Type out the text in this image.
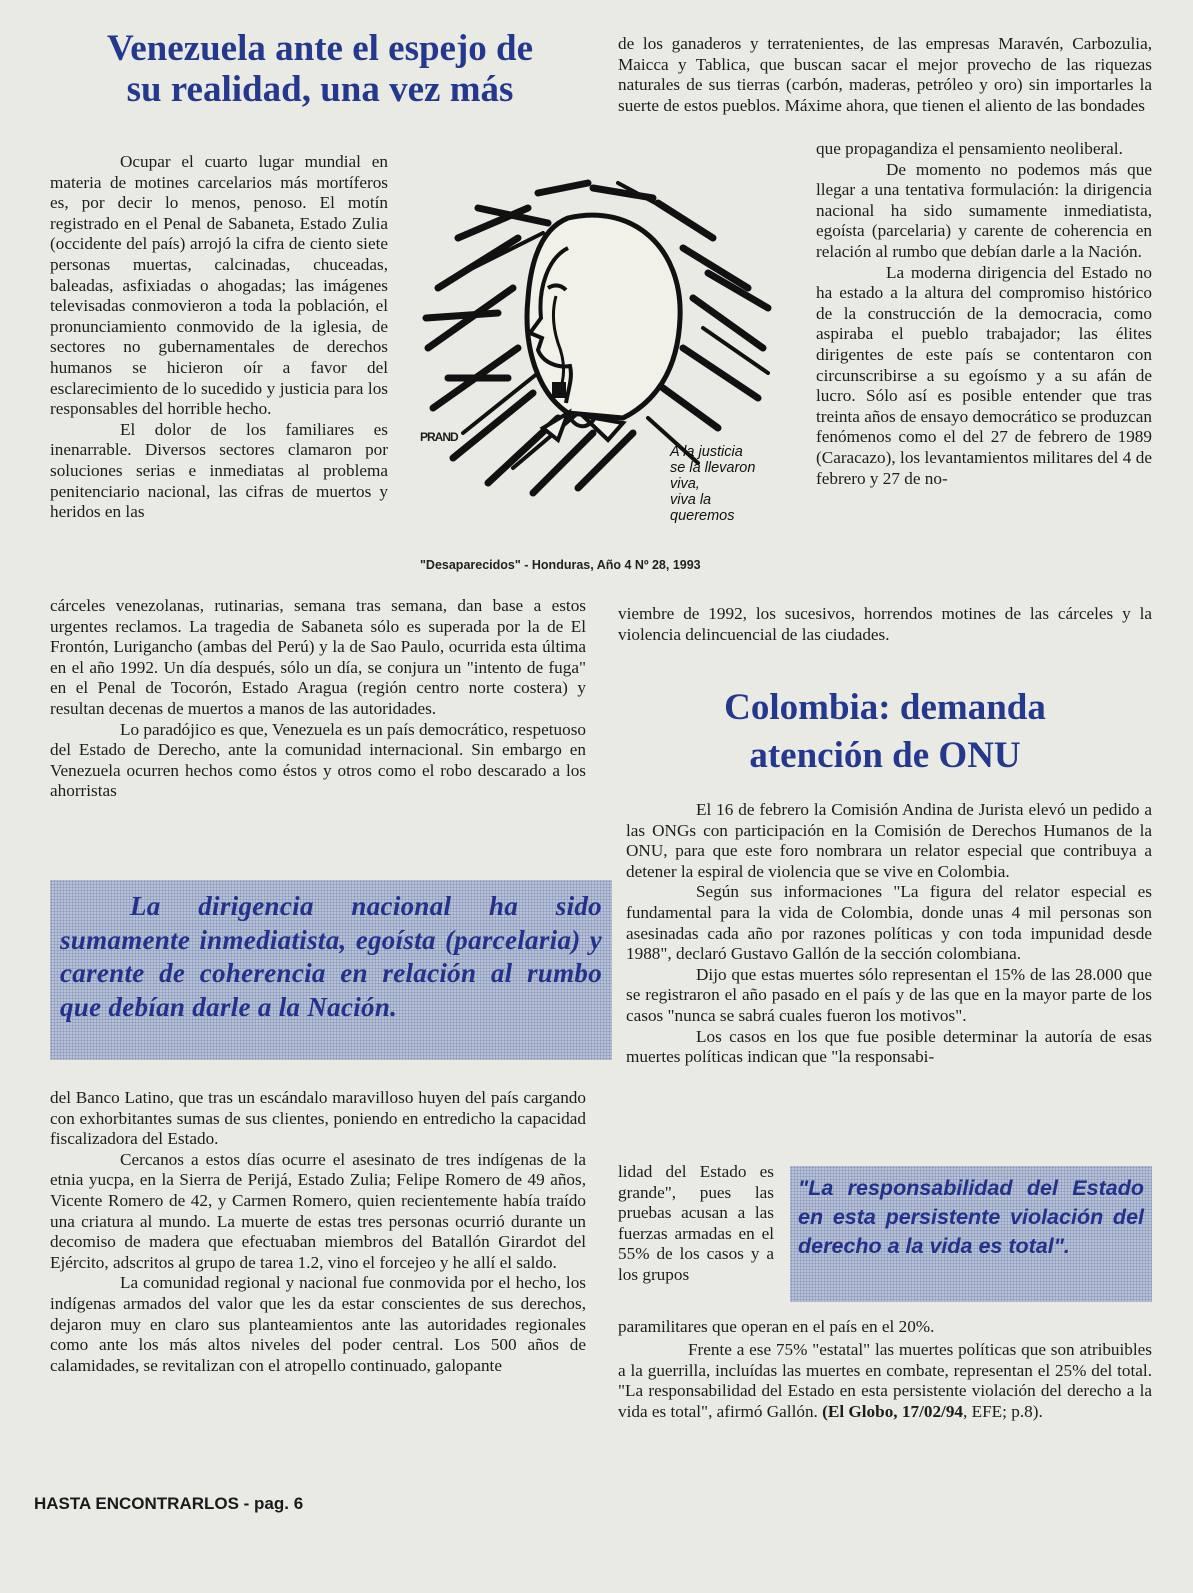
Venezuela ante el espejo de
su realidad, una vez más

Ocupar el cuarto lugar mundial en materia de motines carcelarios más mortíferos es, por decir lo menos, penoso. El motín registrado en el Penal de Sabaneta, Estado Zulia (occidente del país) arrojó la cifra de ciento siete personas muertas, calcinadas, chuceadas, baleadas, asfixiadas o ahogadas; las imágenes televisadas conmovieron a toda la población, el pronunciamiento conmovido de la iglesia, de sectores no gubernamentales de derechos humanos se hicieron oír a favor del esclarecimiento de lo sucedido y justicia para los responsables del horrible hecho.

El dolor de los familiares es inenarrable. Diversos sectores clamaron por soluciones serias e inmediatas al problema penitenciario nacional, las cifras de muertos y heridos en las

PRAND
A la justicia
se la llevaron
viva,
viva la
queremos
"Desaparecidos" - Honduras, Año 4 Nº 28, 1993

cárceles venezolanas, rutinarias, semana tras semana, dan base a estos urgentes reclamos. La tragedia de Sabaneta sólo es superada por la de El Frontón, Lurigancho (ambas del Perú) y la de Sao Paulo, ocurrida esta última en el año 1992. Un día después, sólo un día, se conjura un "intento de fuga" en el Penal de Tocorón, Estado Aragua (región centro norte costera) y resultan decenas de muertos a manos de las autoridades.

Lo paradójico es que, Venezuela es un país democrático, respetuoso del Estado de Derecho, ante la comunidad internacional. Sin embargo en Venezuela ocurren hechos como éstos y otros como el robo descarado a los ahorristas

La dirigencia nacional ha sido sumamente inmediatista, egoísta (parcelaria) y carente de coherencia en relación al rumbo que debían darle a la Nación.

del Banco Latino, que tras un escándalo maravilloso huyen del país cargando con exhorbitantes sumas de sus clientes, poniendo en entredicho la capacidad fiscalizadora del Estado.

Cercanos a estos días ocurre el asesinato de tres indígenas de la etnia yucpa, en la Sierra de Perijá, Estado Zulia; Felipe Romero de 49 años, Vicente Romero de 42, y Carmen Romero, quien recientemente había traído una criatura al mundo. La muerte de estas tres personas ocurrió durante un decomiso de madera que efectuaban miembros del Batallón Girardot del Ejército, adscritos al grupo de tarea 1.2, vino el forcejeo y he allí el saldo.

La comunidad regional y nacional fue conmovida por el hecho, los indígenas armados del valor que les da estar conscientes de sus derechos, dejaron muy en claro sus planteamientos ante las autoridades regionales como ante los más altos niveles del poder central. Los 500 años de calamidades, se revitalizan con el atropello continuado, galopante

de los ganaderos y terratenientes, de las empresas Maravén, Carbozulia, Maicca y Tablica, que buscan sacar el mejor provecho de las riquezas naturales de sus tierras (carbón, maderas, petróleo y oro) sin importarles la suerte de estos pueblos. Máxime ahora, que tienen el aliento de las bondades

que propagandiza el pensamiento neoliberal.

De momento no podemos más que llegar a una tentativa formulación: la dirigencia nacional ha sido sumamente inmediatista, egoísta (parcelaria) y carente de coherencia en relación al rumbo que debían darle a la Nación.

La moderna dirigencia del Estado no ha estado a la altura del compromiso histórico de la construcción de la democracia, como aspiraba el pueblo trabajador; las élites dirigentes de este país se contentaron con circunscribirse a su egoísmo y a su afán de lucro. Sólo así es posible entender que tras treinta años de ensayo democrático se produzcan fenómenos como el del 27 de febrero de 1989 (Caracazo), los levantamientos militares del 4 de febrero y 27 de no-

viembre de 1992, los sucesivos, horrendos motines de las cárceles y la violencia delincuencial de las ciudades.

Colombia: demanda
atención de ONU

El 16 de febrero la Comisión Andina de Jurista elevó un pedido a las ONGs con participación en la Comisión de Derechos Humanos de la ONU, para que este foro nombrara un relator especial que contribuya a detener la espiral de violencia que se vive en Colombia.

Según sus informaciones "La figura del relator especial es fundamental para la vida de Colombia, donde unas 4 mil personas son asesinadas cada año por razones políticas y con toda impunidad desde 1988", declaró Gustavo Gallón de la sección colombiana.

Dijo que estas muertes sólo representan el 15% de las 28.000 que se registraron el año pasado en el país y de las que en la mayor parte de los casos "nunca se sabrá cuales fueron los motivos".

Los casos en los que fue posible determinar la autoría de esas muertes políticas indican que "la responsabi-

lidad del Estado es grande", pues las pruebas acusan a las fuerzas armadas en el 55% de los casos y a los grupos

"La responsabilidad del Estado en esta persistente violación del derecho a la vida es total".

paramilitares que operan en el país en el 20%.

Frente a ese 75% "estatal" las muertes políticas que son atribuibles a la guerrilla, incluídas las muertes en combate, representan el 25% del total. "La responsabilidad del Estado en esta persistente violación del derecho a la vida es total", afirmó Gallón. (El Globo, 17/02/94, EFE; p.8).

HASTA ENCONTRARLOS - pag. 6
